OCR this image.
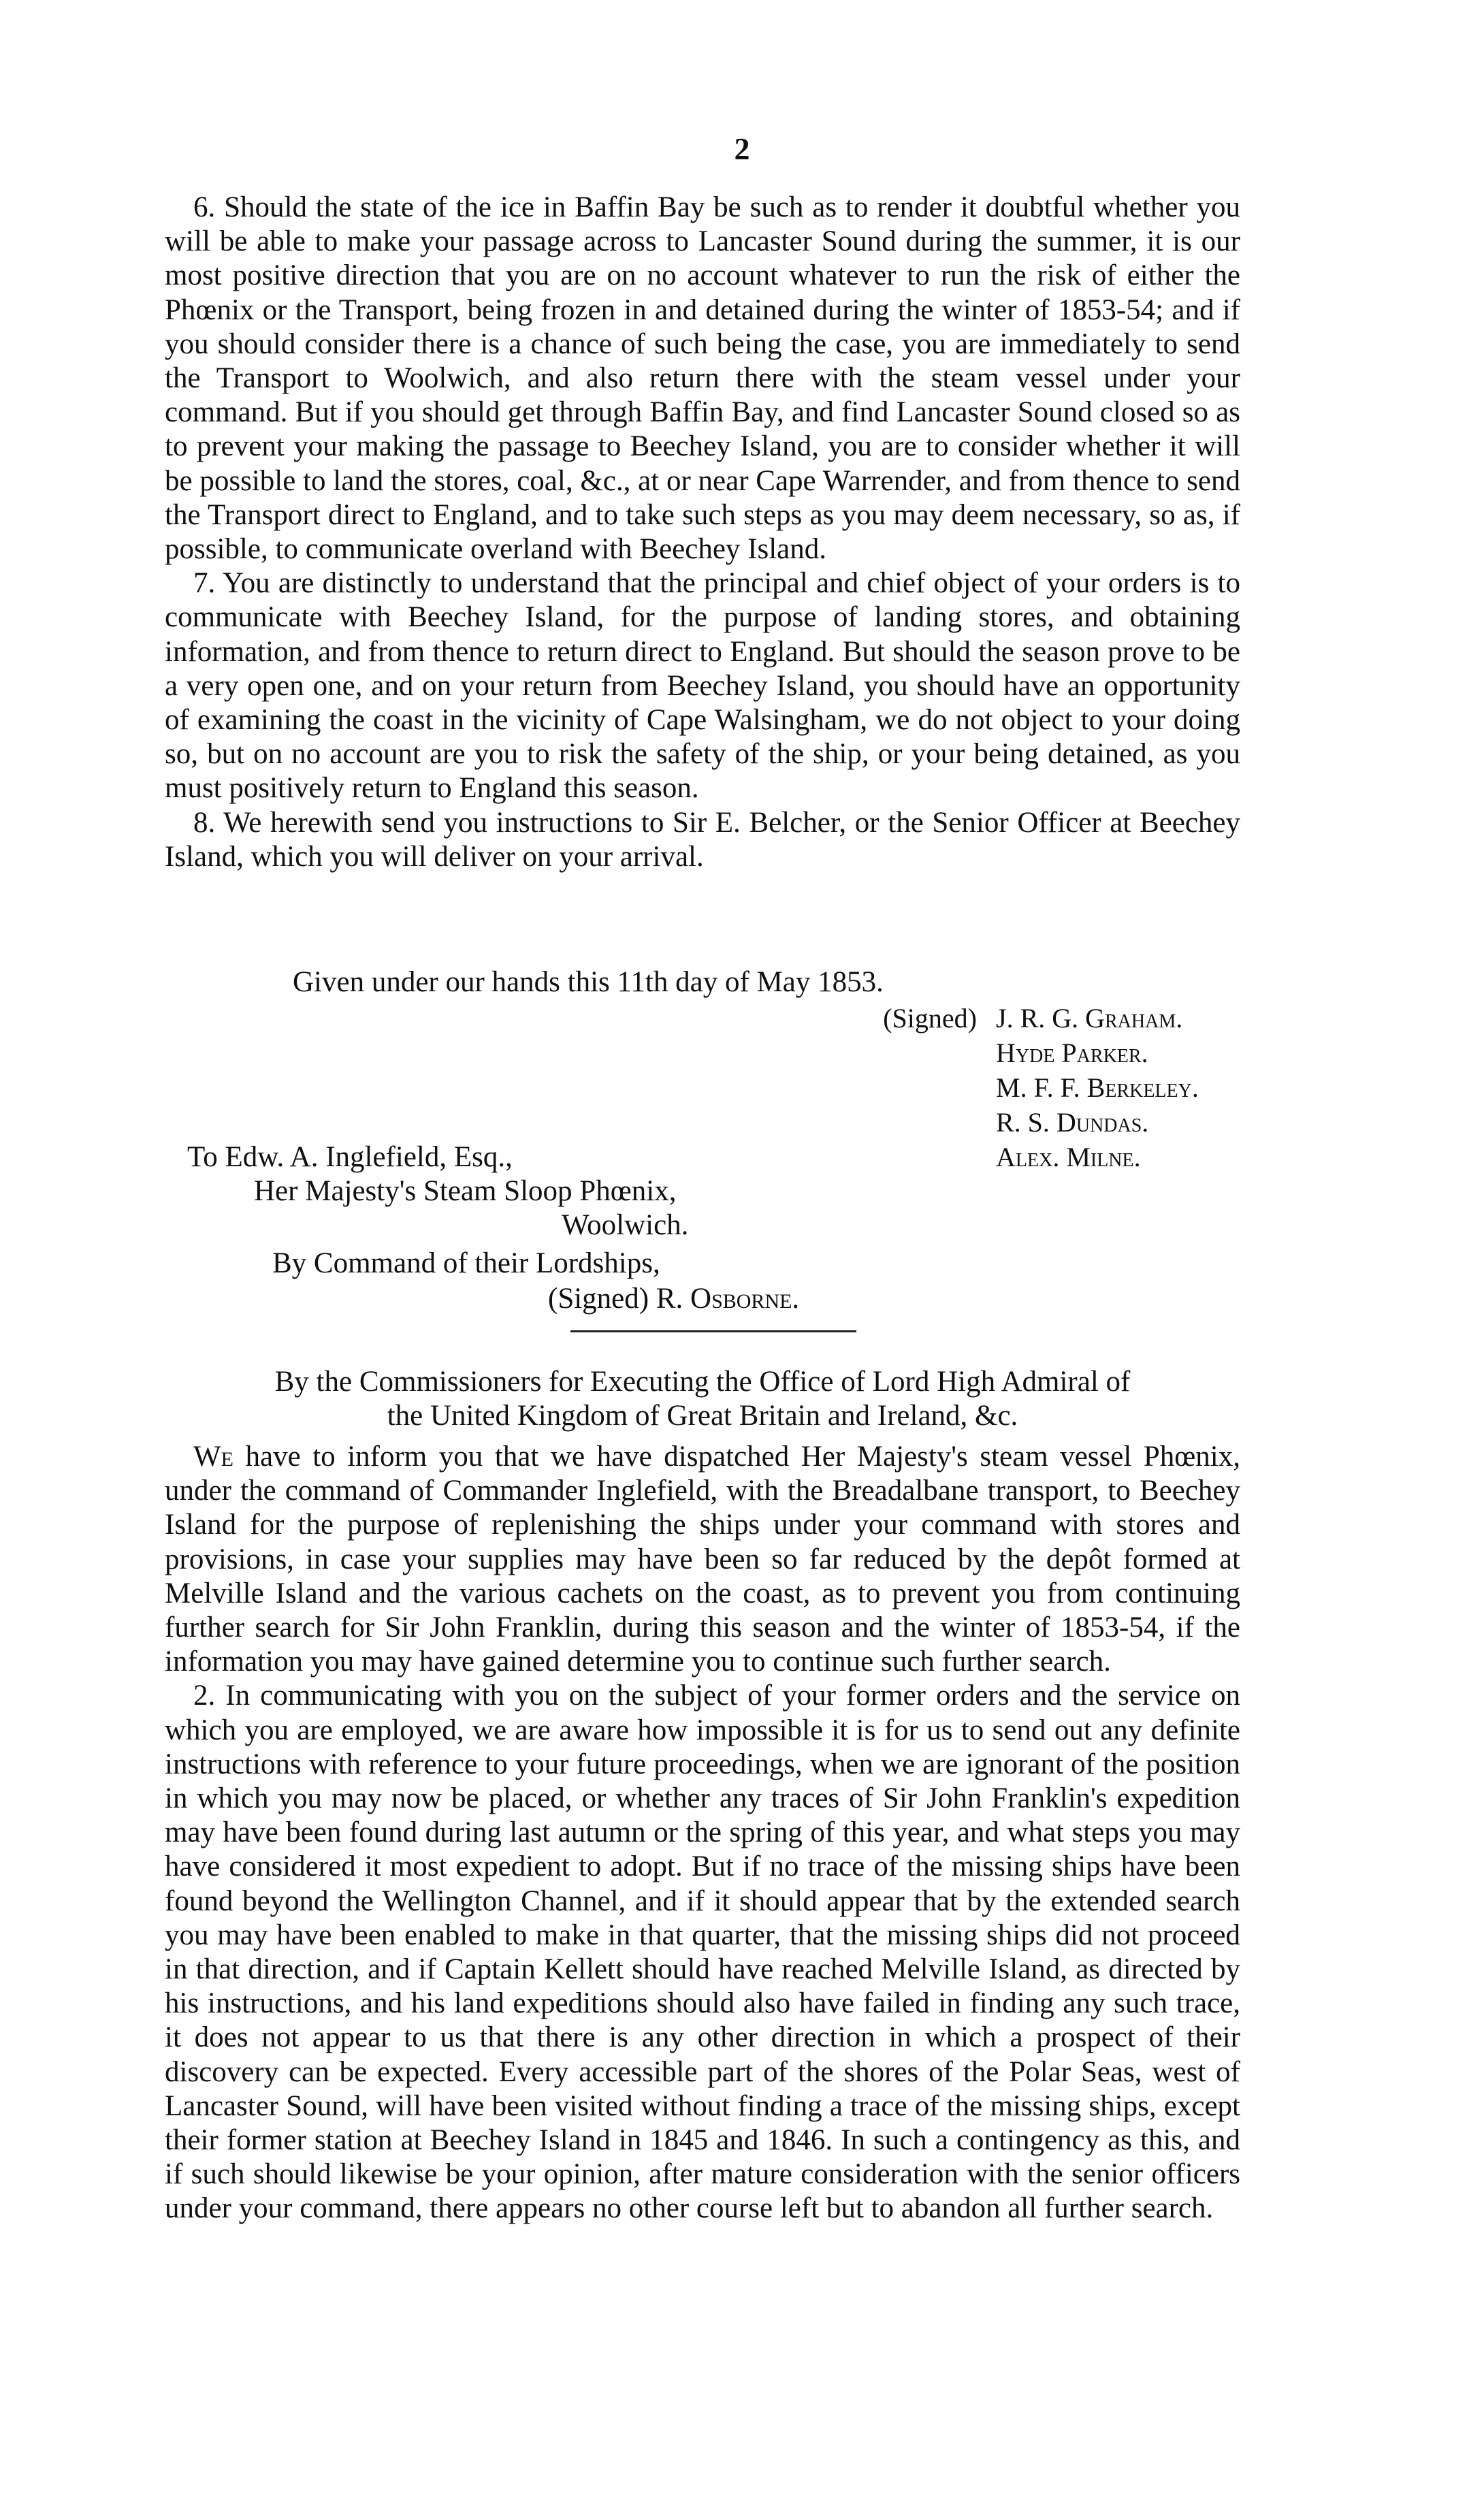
2

6. Should the state of the ice in Baffin Bay be such as to render it doubtful whether you will be able to make your passage across to Lancaster Sound during the summer, it is our most positive direction that you are on no account whatever to run the risk of either the Phœnix or the Transport, being frozen in and detained during the winter of 1853-54; and if you should consider there is a chance of such being the case, you are immediately to send the Transport to Woolwich, and also return there with the steam vessel under your command. But if you should get through Baffin Bay, and find Lancaster Sound closed so as to prevent your making the passage to Beechey Island, you are to consider whether it will be possible to land the stores, coal, &c., at or near Cape Warrender, and from thence to send the Transport direct to England, and to take such steps as you may deem necessary, so as, if possible, to communicate overland with Beechey Island.

7. You are distinctly to understand that the principal and chief object of your orders is to communicate with Beechey Island, for the purpose of landing stores, and obtaining information, and from thence to return direct to England. But should the season prove to be a very open one, and on your return from Beechey Island, you should have an opportunity of examining the coast in the vicinity of Cape Walsingham, we do not object to your doing so, but on no account are you to risk the safety of the ship, or your being detained, as you must positively return to England this season.

8. We herewith send you instructions to Sir E. Belcher, or the Senior Officer at Beechey Island, which you will deliver on your arrival.

Given under our hands this 11th day of May 1853.
(Signed) J. R. G. Graham.
Hyde Parker.
M. F. F. Berkeley.
R. S. Dundas.
Alex. Milne.
To Edw. A. Inglefield, Esq.,
Her Majesty's Steam Sloop Phœnix,
Woolwich.
By Command of their Lordships,
(Signed) R. Osborne.
By the Commissioners for Executing the Office of Lord High Admiral of
the United Kingdom of Great Britain and Ireland, &c.

We have to inform you that we have dispatched Her Majesty's steam vessel Phœnix, under the command of Commander Inglefield, with the Breadalbane transport, to Beechey Island for the purpose of replenishing the ships under your command with stores and provisions, in case your supplies may have been so far reduced by the depôt formed at Melville Island and the various cachets on the coast, as to prevent you from continuing further search for Sir John Franklin, during this season and the winter of 1853-54, if the information you may have gained determine you to continue such further search.

2. In communicating with you on the subject of your former orders and the service on which you are employed, we are aware how impossible it is for us to send out any definite instructions with reference to your future proceedings, when we are ignorant of the position in which you may now be placed, or whether any traces of Sir John Franklin's expedition may have been found during last autumn or the spring of this year, and what steps you may have considered it most expedient to adopt. But if no trace of the missing ships have been found beyond the Wellington Channel, and if it should appear that by the extended search you may have been enabled to make in that quarter, that the missing ships did not proceed in that direction, and if Captain Kellett should have reached Melville Island, as directed by his instructions, and his land expeditions should also have failed in finding any such trace, it does not appear to us that there is any other direction in which a prospect of their discovery can be expected. Every accessible part of the shores of the Polar Seas, west of Lancaster Sound, will have been visited without finding a trace of the missing ships, except their former station at Beechey Island in 1845 and 1846. In such a contingency as this, and if such should likewise be your opinion, after mature consideration with the senior officers under your command, there appears no other course left but to abandon all further search.
